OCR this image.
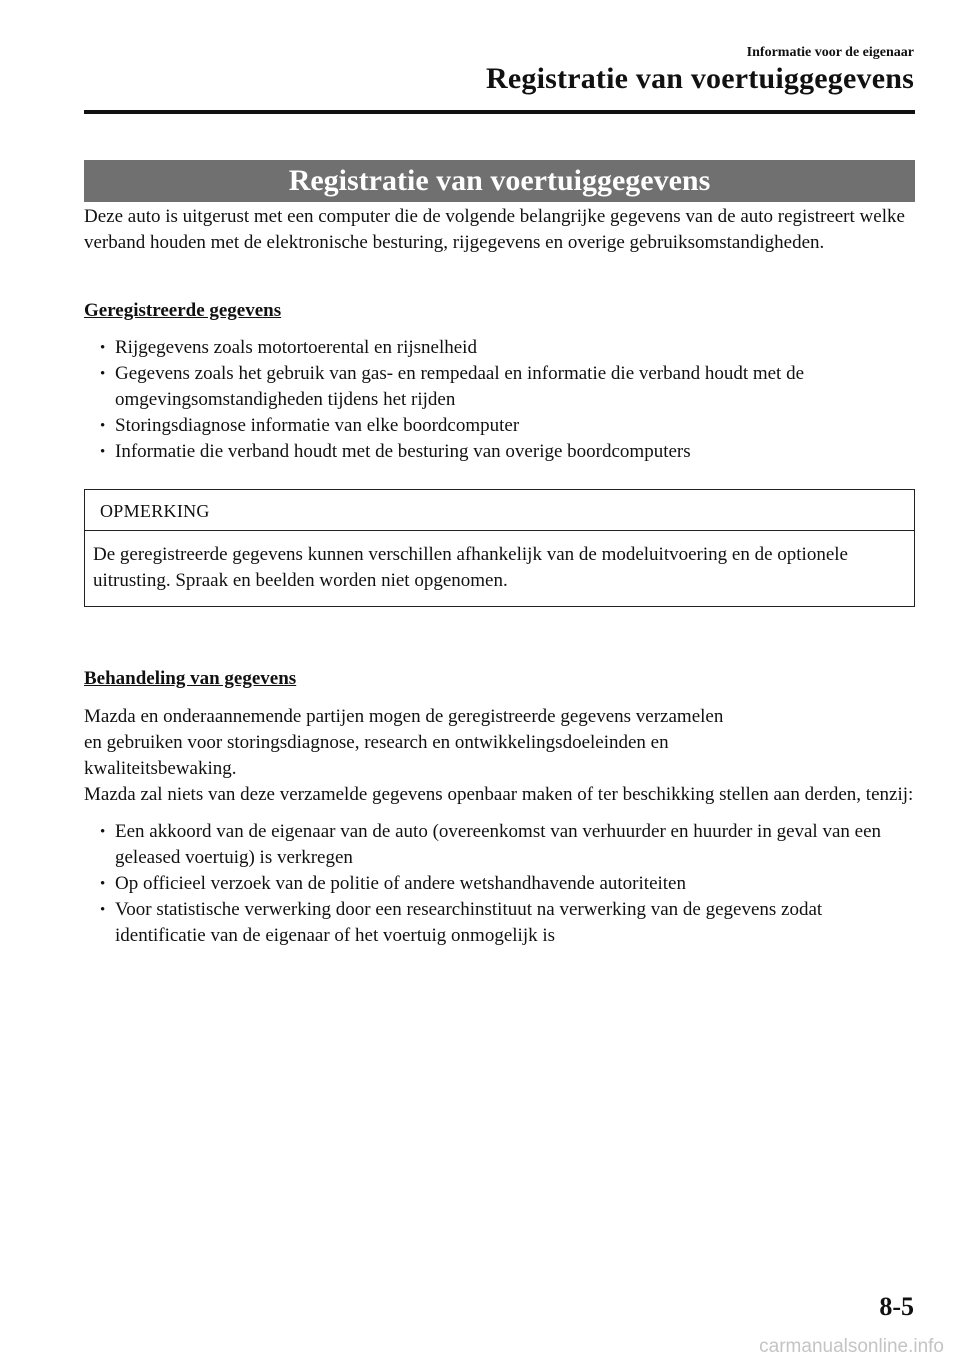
Informatie voor de eigenaar
Registratie van voertuiggegevens
Registratie van voertuiggegevens

Deze auto is uitgerust met een computer die de volgende belangrijke gegevens van de auto registreert welke verband houden met de elektronische besturing, rijgegevens en overige gebruiksomstandigheden.

Geregistreerde gegevens

• Rijgegevens zoals motortoerental en rijsnelheid
• Gegevens zoals het gebruik van gas- en rempedaal en informatie die verband houdt met de omgevingsomstandigheden tijdens het rijden
• Storingsdiagnose informatie van elke boordcomputer
• Informatie die verband houdt met de besturing van overige boordcomputers
OPMERKING
De geregistreerde gegevens kunnen verschillen afhankelijk van de modeluitvoering en de optionele uitrusting. Spraak en beelden worden niet opgenomen.

Behandeling van gegevens

Mazda en onderaannemende partijen mogen de geregistreerde gegevens verzamelen
en gebruiken voor storingsdiagnose, research en ontwikkelingsdoeleinden en
kwaliteitsbewaking.

Mazda zal niets van deze verzamelde gegevens openbaar maken of ter beschikking stellen aan derden, tenzij:

• Een akkoord van de eigenaar van de auto (overeenkomst van verhuurder en huurder in geval van een geleased voertuig) is verkregen
• Op officieel verzoek van de politie of andere wetshandhavende autoriteiten
• Voor statistische verwerking door een researchinstituut na verwerking van de gegevens zodat identificatie van de eigenaar of het voertuig onmogelijk is
8-5
carmanualsonline.info
